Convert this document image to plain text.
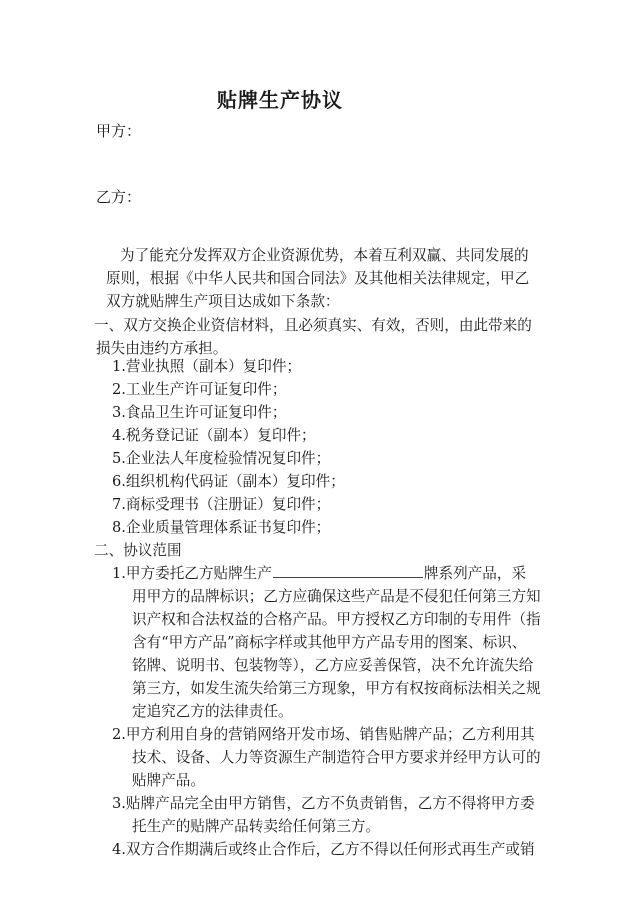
贴牌生产协议
甲方：
乙方：
为了能充分发挥双方企业资源优势，本着互利双赢、共同发展的
原则，根据《中华人民共和国合同法》及其他相关法律规定，甲乙
双方就贴牌生产项目达成如下条款：
一、双方交换企业资信材料，且必须真实、有效，否则，由此带来的
损失由违约方承担。
1.营业执照（副本）复印件；
2.工业生产许可证复印件；
3.食品卫生许可证复印件；
4.税务登记证（副本）复印件；
5.企业法人年度检验情况复印件；
6.组织机构代码证（副本）复印件；
7.商标受理书（注册证）复印件；
8.企业质量管理体系证书复印件；
二、协议范围
1.甲方委托乙方贴牌生产	牌系列产品，采
用甲方的品牌标识；乙方应确保这些产品是不侵犯任何第三方知
识产权和合法权益的合格产品。甲方授权乙方印制的专用件（指
含有“甲方产品”商标字样或其他甲方产品专用的图案、标识、
铭牌、说明书、包装物等），乙方应妥善保管，决不允许流失给
第三方，如发生流失给第三方现象，甲方有权按商标法相关之规
定追究乙方的法律责任。
2.甲方利用自身的营销网络开发市场、销售贴牌产品；乙方利用其
技术、设备、人力等资源生产制造符合甲方要求并经甲方认可的
贴牌产品。
3.贴牌产品完全由甲方销售，乙方不负责销售，乙方不得将甲方委
托生产的贴牌产品转卖给任何第三方。
4.双方合作期满后或终止合作后，乙方不得以任何形式再生产或销
